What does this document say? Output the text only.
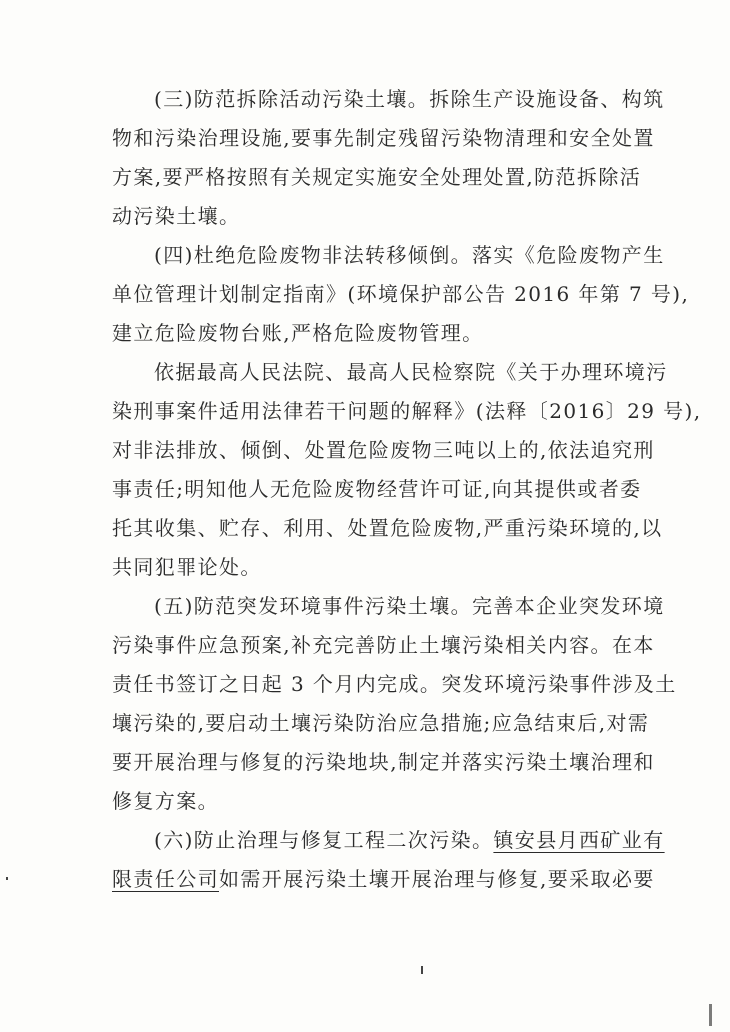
(三)防范拆除活动污染土壤。拆除生产设施设备、构筑
物和污染治理设施,要事先制定残留污染物清理和安全处置
方案,要严格按照有关规定实施安全处理处置,防范拆除活
动污染土壤。
(四)杜绝危险废物非法转移倾倒。落实《危险废物产生
单位管理计划制定指南》(环境保护部公告 2016 年第 7 号),
建立危险废物台账,严格危险废物管理。
依据最高人民法院、最高人民检察院《关于办理环境污
染刑事案件适用法律若干问题的解释》(法释〔2016〕29 号),
对非法排放、倾倒、处置危险废物三吨以上的,依法追究刑
事责任;明知他人无危险废物经营许可证,向其提供或者委
托其收集、贮存、利用、处置危险废物,严重污染环境的,以
共同犯罪论处。
(五)防范突发环境事件污染土壤。完善本企业突发环境
污染事件应急预案,补充完善防止土壤污染相关内容。在本
责任书签订之日起 3 个月内完成。突发环境污染事件涉及土
壤污染的,要启动土壤污染防治应急措施;应急结束后,对需
要开展治理与修复的污染地块,制定并落实污染土壤治理和
修复方案。
(六)防止治理与修复工程二次污染。镇安县月西矿业有
限责任公司如需开展污染土壤开展治理与修复,要采取必要
